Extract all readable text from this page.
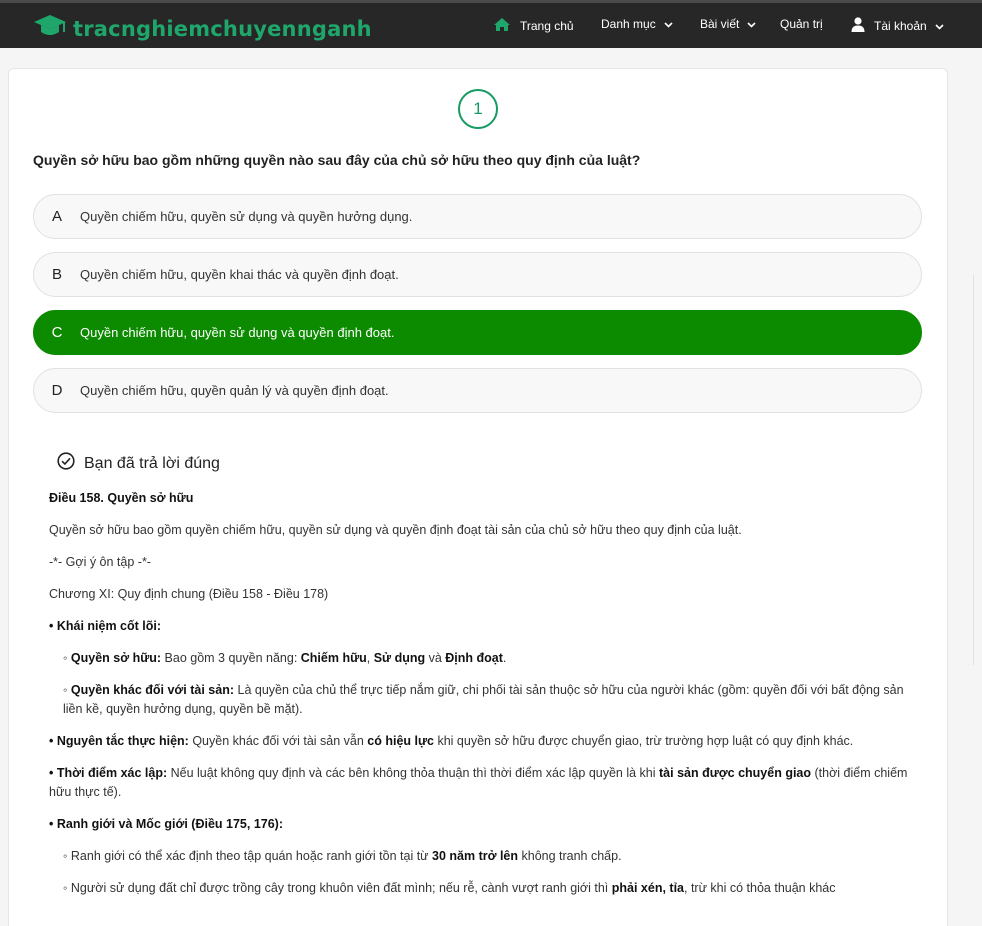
tracnghiemchuyennganh	Trang chủ Danh mục	Bài viết	Quản trị	Tài khoản
1
Quyền sở hữu bao gồm những quyền nào sau đây của chủ sở hữu theo quy định của luật?
A	Quyền chiếm hữu, quyền sử dụng và quyền hưởng dụng.
B	Quyền chiếm hữu, quyền khai thác và quyền định đoạt.
C	Quyền chiếm hữu, quyền sử dụng và quyền định đoạt.
D	Quyền chiếm hữu, quyền quản lý và quyền định đoạt.
Bạn đã trả lời đúng
Điều 158. Quyền sở hữu
Quyền sở hữu bao gồm quyền chiếm hữu, quyền sử dụng và quyền định đoạt tài sản của chủ sở hữu theo quy định của luật.
-*- Gợi ý ôn tập -*-
Chương XI: Quy định chung (Điều 158 - Điều 178)
• Khái niệm cốt lõi:
◦ Quyền sở hữu: Bao gồm 3 quyền năng: Chiếm hữu, Sử dụng và Định đoạt.
◦ Quyền khác đối với tài sản: Là quyền của chủ thể trực tiếp nắm giữ, chi phối tài sản thuộc sở hữu của người khác (gồm: quyền đối với bất động sản liền kề, quyền hưởng dụng, quyền bề mặt).
• Nguyên tắc thực hiện: Quyền khác đối với tài sản vẫn có hiệu lực khi quyền sở hữu được chuyển giao, trừ trường hợp luật có quy định khác.
• Thời điểm xác lập: Nếu luật không quy định và các bên không thỏa thuận thì thời điểm xác lập quyền là khi tài sản được chuyển giao (thời điểm chiếm hữu thực tế).
• Ranh giới và Mốc giới (Điều 175, 176):
◦ Ranh giới có thể xác định theo tập quán hoặc ranh giới tồn tại từ 30 năm trở lên không tranh chấp.
◦ Người sử dụng đất chỉ được trồng cây trong khuôn viên đất mình; nếu rễ, cành vượt ranh giới thì phải xén, tỉa, trừ khi có thỏa thuận khác
